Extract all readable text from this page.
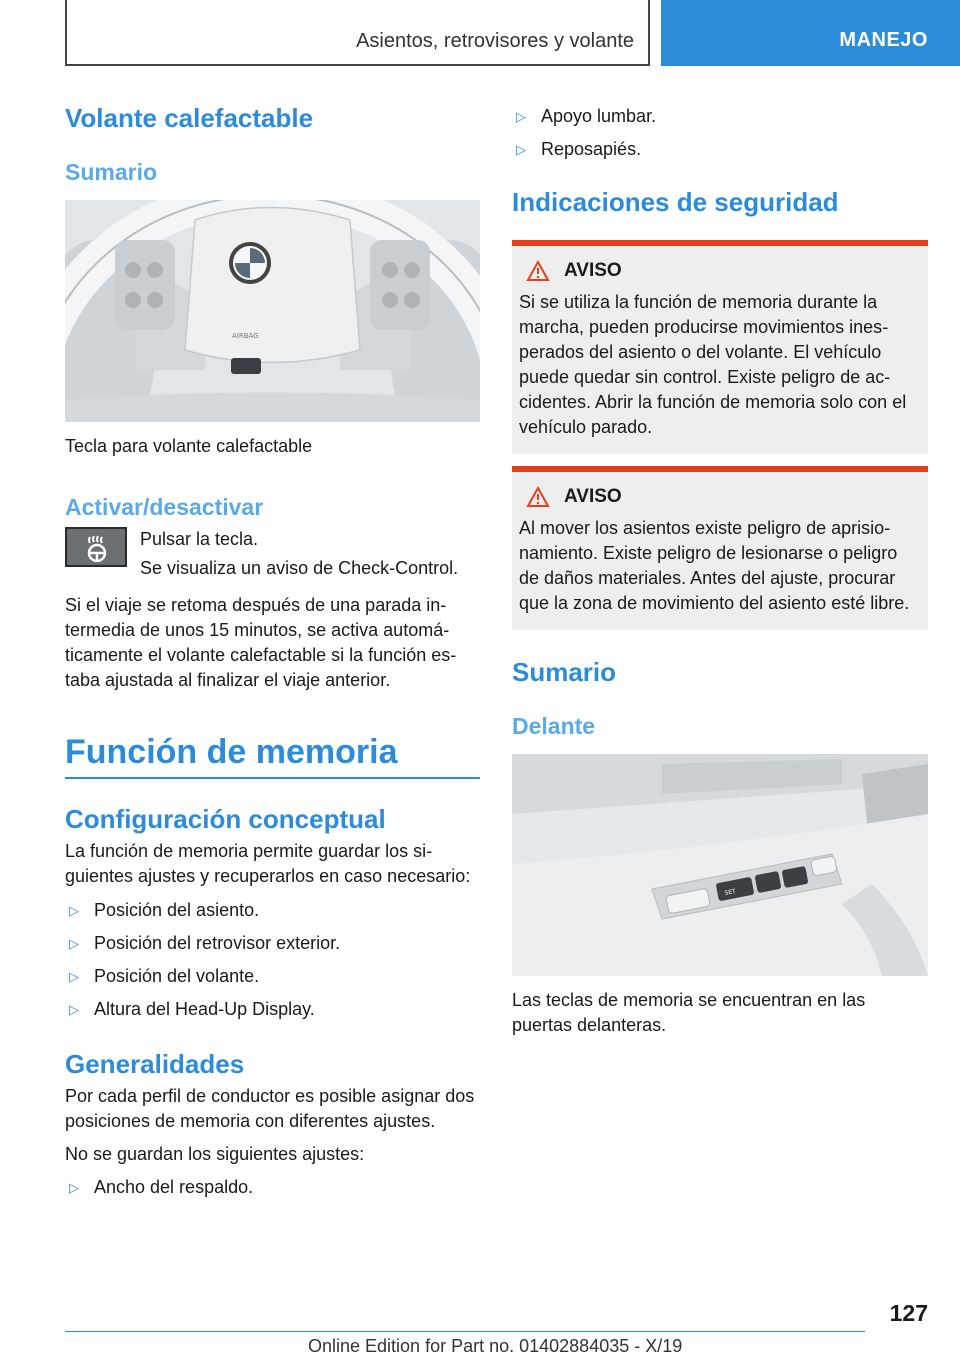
Asientos, retrovisores y volante	MANEJO
Volante calefactable
Sumario
AIRBAG

Tecla para volante calefactable

Activar/desactivar

Pulsar la tecla.

Se visualiza un aviso de Check-Control.

Si el viaje se retoma después de una parada intermedia de unos 15 minutos, se activa automáticamente el volante calefactable si la función estaba ajustada al finalizar el viaje anterior.

Función de memoria
Configuración conceptual

La función de memoria permite guardar los siguientes ajustes y recuperarlos en caso necesario:

▷ Posición del asiento.
▷ Posición del retrovisor exterior.
▷ Posición del volante.
▷ Altura del Head-Up Display.
Generalidades

Por cada perfil de conductor es posible asignar dos posiciones de memoria con diferentes ajustes.

No se guardan los siguientes ajustes:

▷ Ancho del respaldo.
▷ Apoyo lumbar.
▷ Reposapiés.
Indicaciones de seguridad
AVISO

Si se utiliza la función de memoria durante la marcha, pueden producirse movimientos inesperados del asiento o del volante. El vehículo puede quedar sin control. Existe peligro de accidentes. Abrir la función de memoria solo con el vehículo parado.

AVISO

Al mover los asientos existe peligro de aprisionamiento. Existe peligro de lesionarse o peligro de daños materiales. Antes del ajuste, procurar que la zona de movimiento del asiento esté libre.

Sumario
Delante
SET

Las teclas de memoria se encuentran en las puertas delanteras.

127
Online Edition for Part no. 01402884035 - X/19
